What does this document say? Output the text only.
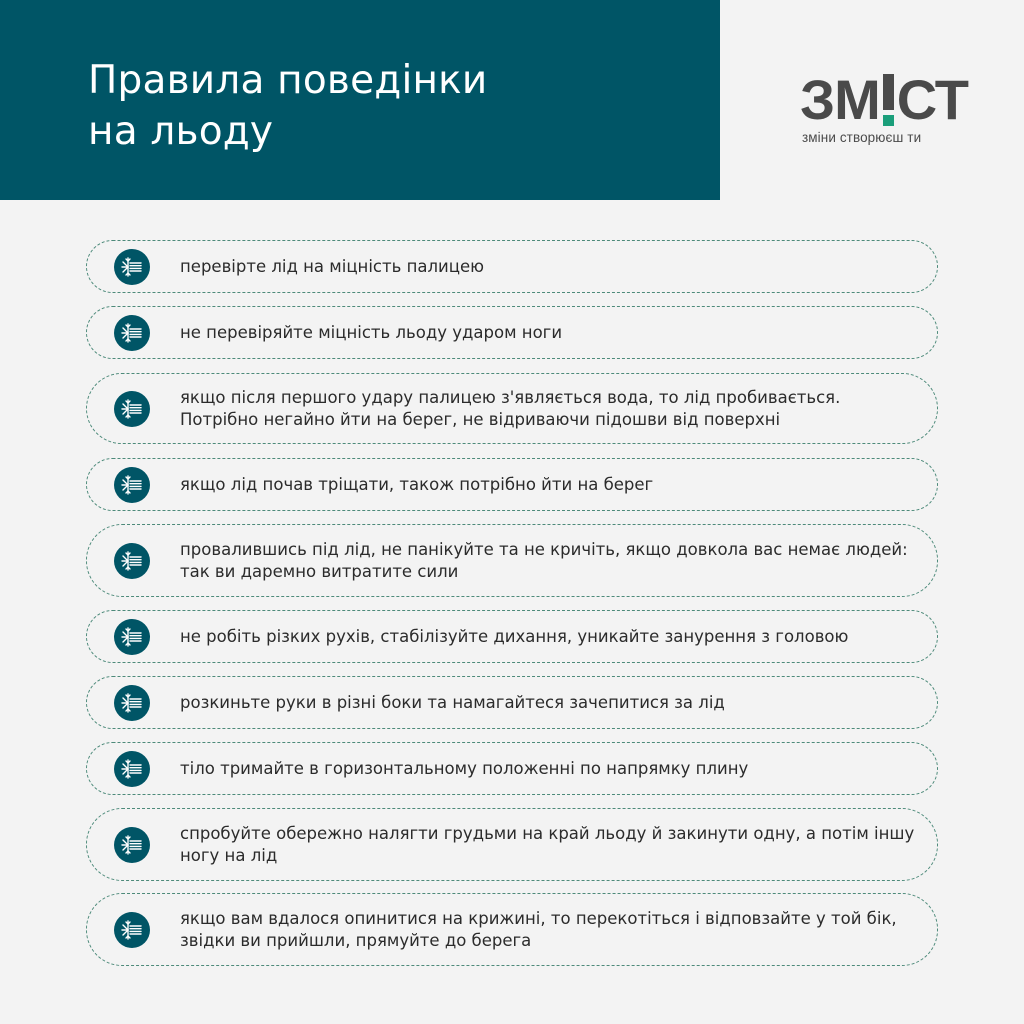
Правила поведінки
на льоду
ЗМ СТ
зміни створюєш ти
перевірте лід на міцність палицею
не перевіряйте міцність льоду ударом ноги
якщо після першого удару палицею з'являється вода, то лід пробивається. Потрібно негайно йти на берег, не відриваючи підошви від поверхні
якщо лід почав тріщати, також потрібно йти на берег
провалившись під лід, не панікуйте та не кричіть, якщо довкола вас немає людей: так ви даремно витратите сили
не робіть різких рухів, стабілізуйте дихання, уникайте занурення з головою
розкиньте руки в різні боки та намагайтеся зачепитися за лід
тіло тримайте в горизонтальному положенні по напрямку плину
спробуйте обережно налягти грудьми на край льоду й закинути одну, а потім іншу ногу на лід
якщо вам вдалося опинитися на крижині, то перекотіться і відповзайте у той бік, звідки ви прийшли, прямуйте до берега
